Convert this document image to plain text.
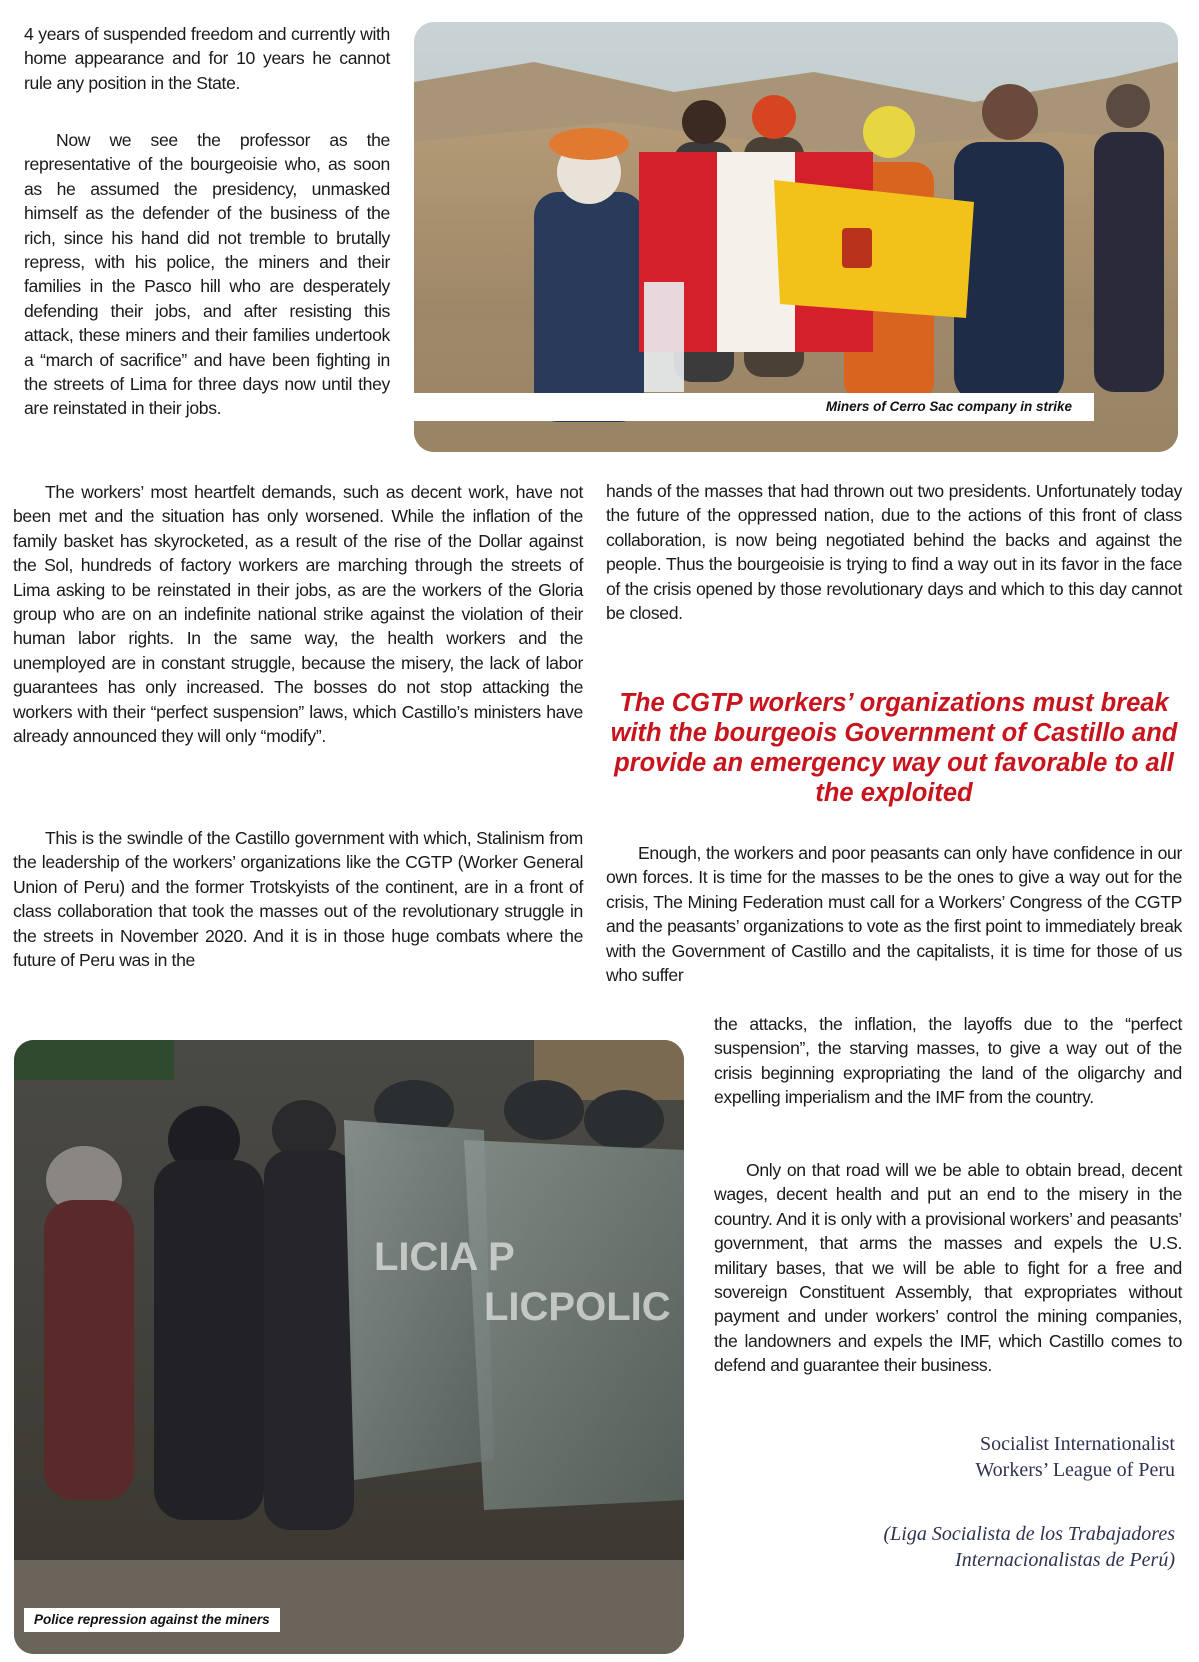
4 years of suspended freedom and currently with home appearance and for 10 years he cannot rule any position in the State.

Now we see the professor as the representative of the bourgeoisie who, as soon as he assumed the presidency, unmasked himself as the defender of the business of the rich, since his hand did not tremble to brutally repress, with his police, the miners and their families in the Pasco hill who are desperately defending their jobs, and after resisting this attack, these miners and their families undertook a “march of sacrifice” and have been fighting in the streets of Lima for three days now until they are reinstated in their jobs.	Miners of Cerro Sac company in strike

The workers’ most heartfelt demands, such as decent work, have not been met and the situation has only worsened. While the inflation of the family basket has skyrocketed, as a result of the rise of the Dollar against the Sol, hundreds of factory workers are marching through the streets of Lima asking to be reinstated in their jobs, as are the workers of the Gloria group who are on an indefinite national strike against the violation of their human labor rights. In the same way, the health workers and the unemployed are in constant struggle, because the misery, the lack of labor guarantees has only increased. The bosses do not stop attacking the workers with their “perfect suspension” laws, which Castillo’s ministers have already announced they will only “modify”.

This is the swindle of the Castillo government with which, Stalinism from the leadership of the workers’ organizations like the CGTP (Worker General Union of Peru) and the former Trotskyists of the continent, are in a front of class collaboration that took the masses out of the revolutionary struggle in the streets in November 2020. And it is in those huge combats where the future of Peru was in the

hands of the masses that had thrown out two presidents. Unfortunately today the future of the oppressed nation, due to the actions of this front of class collaboration, is now being negotiated behind the backs and against the people. Thus the bourgeoisie is trying to find a way out in its favor in the face of the crisis opened by those revolutionary days and which to this day cannot be closed.

The CGTP workers’ organizations must break with the bourgeois Government of Castillo and provide an emergency way out favorable to all the exploited

Enough, the workers and poor peasants can only have confidence in our own forces. It is time for the masses to be the ones to give a way out for the crisis, The Mining Federation must call for a Workers’ Congress of the CGTP and the peasants’ organizations to vote as the first point to immediately break with the Government of Castillo and the capitalists, it is time for those of us who suffer

the attacks, the inflation, the layoffs due to the “perfect suspension”, the starving masses, to give a way out of the crisis beginning expropriating the land of the oligarchy and expelling imperialism and the IMF from the country.

Only on that road will we be able to obtain bread, decent wages, decent health and put an end to the misery in the country. And it is only with a provisional workers’ and peasants’ government, that arms the masses and expels the U.S. military bases, that we will be able to fight for a free and sovereign Constituent Assembly, that expropriates without payment and under workers’ control the mining companies, the landowners and expels the IMF, which Castillo comes to defend and guarantee their business.

LICIA P
LICPOLIC
Police repression against the miners

Socialist Internationalist

Workers’ League of Peru

(Liga Socialista de los Trabajadores

Internacionalistas de Perú)
